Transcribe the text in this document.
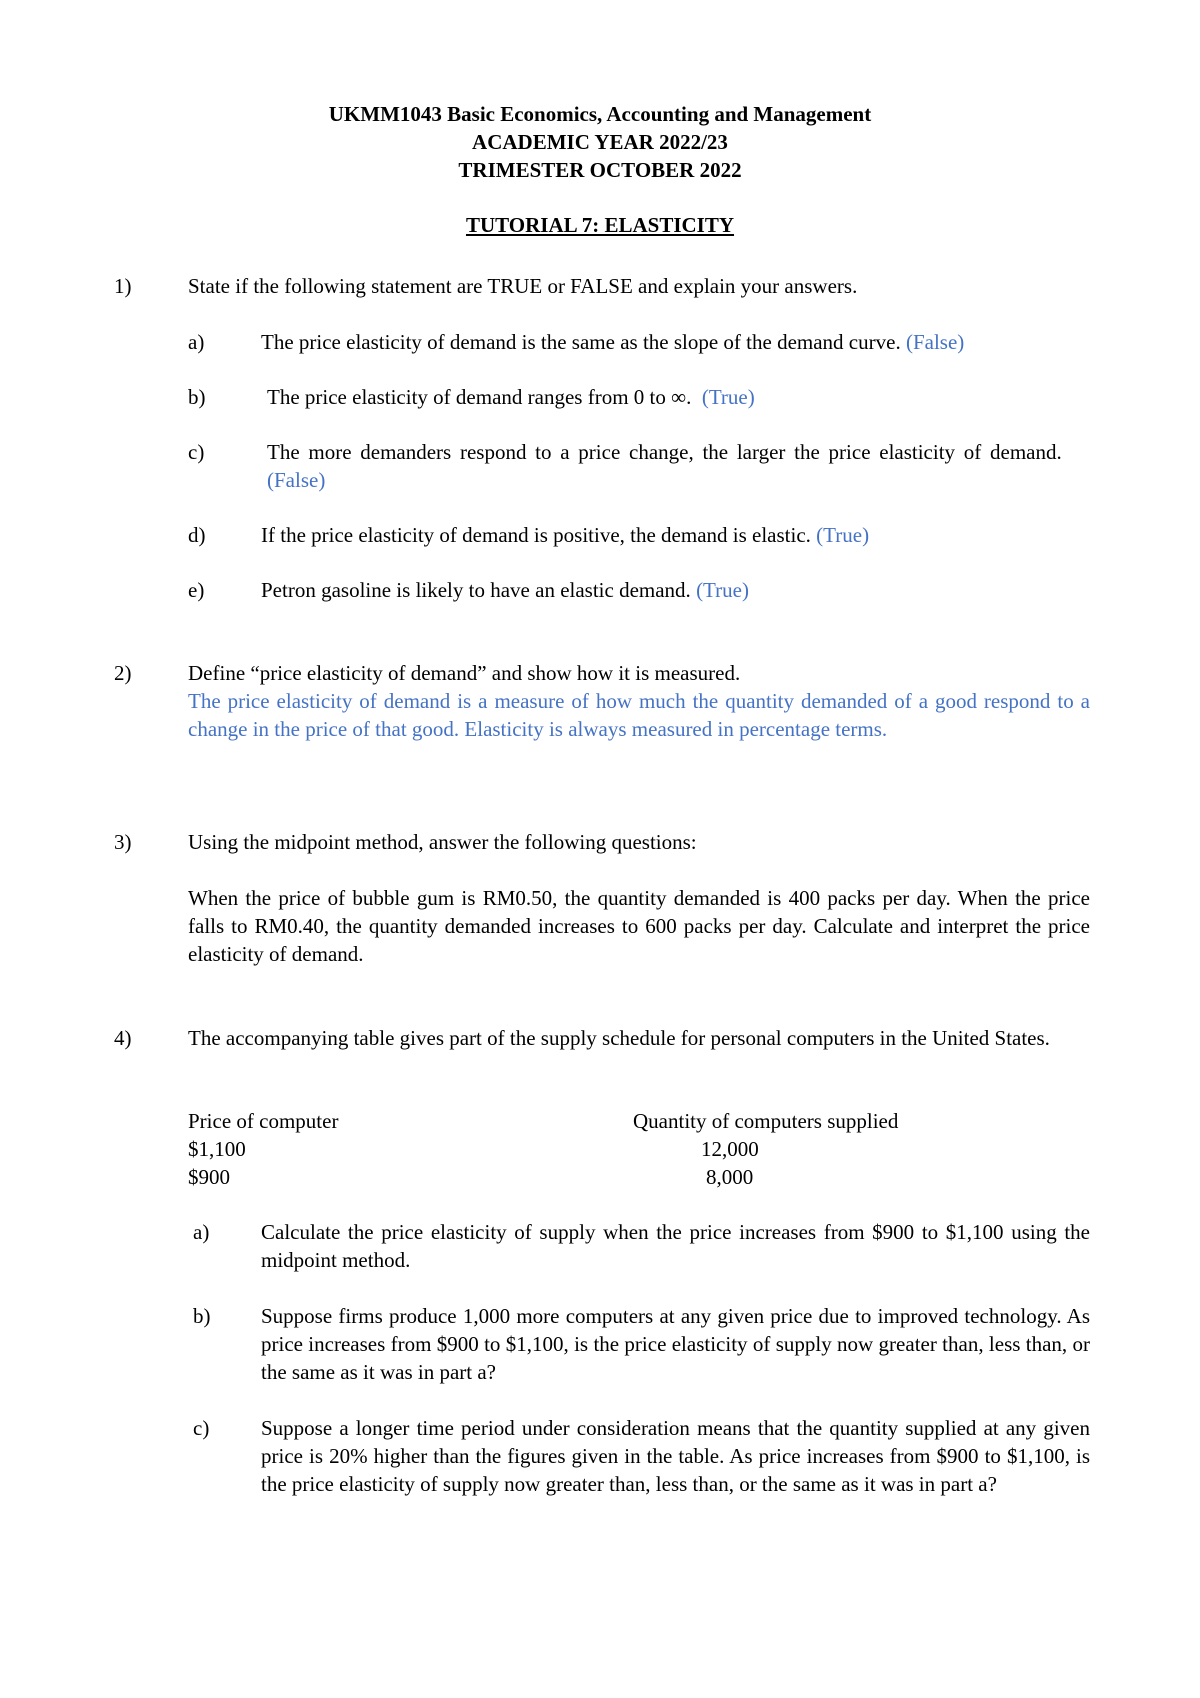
UKMM1043 Basic Economics, Accounting and Management
ACADEMIC YEAR 2022/23
TRIMESTER OCTOBER 2022
TUTORIAL 7: ELASTICITY
1)	State if the following statement are TRUE or FALSE and explain your answers.
a)	The price elasticity of demand is the same as the slope of the demand curve. (False)
b)	The price elasticity of demand ranges from 0 to ∞. (True)
c)	The more demanders respond to a price change, the larger the price elasticity of demand.  (False)
d)	If the price elasticity of demand is positive, the demand is elastic. (True)
e)	Petron gasoline is likely to have an elastic demand. (True)
2)	Define “price elasticity of demand” and show how it is measured.
The price elasticity of demand is a measure of how much the quantity demanded of a good respond to a change in the price of that good. Elasticity is always measured in percentage terms.
3)	Using the midpoint method, answer the following questions:
When the price of bubble gum is RM0.50, the quantity demanded is 400 packs per day. When the price falls to RM0.40, the quantity demanded increases to 600 packs per day. Calculate and interpret the price elasticity of demand.
4)	The accompanying table gives part of the supply schedule for personal computers in the United States.
Price of computer	Quantity of computers supplied
$1,100	12,000
$900	8,000
a) Calculate the price elasticity of supply when the price increases from $900 to $1,100 using the midpoint method.
b) Suppose firms produce 1,000 more computers at any given price due to improved technology. As price increases from $900 to $1,100, is the price elasticity of supply now greater than, less than, or the same as it was in part a?
c) Suppose a longer time period under consideration means that the quantity supplied at any given price is 20% higher than the figures given in the table. As price increases from $900 to $1,100, is the price elasticity of supply now greater than, less than, or the same as it was in part a?
